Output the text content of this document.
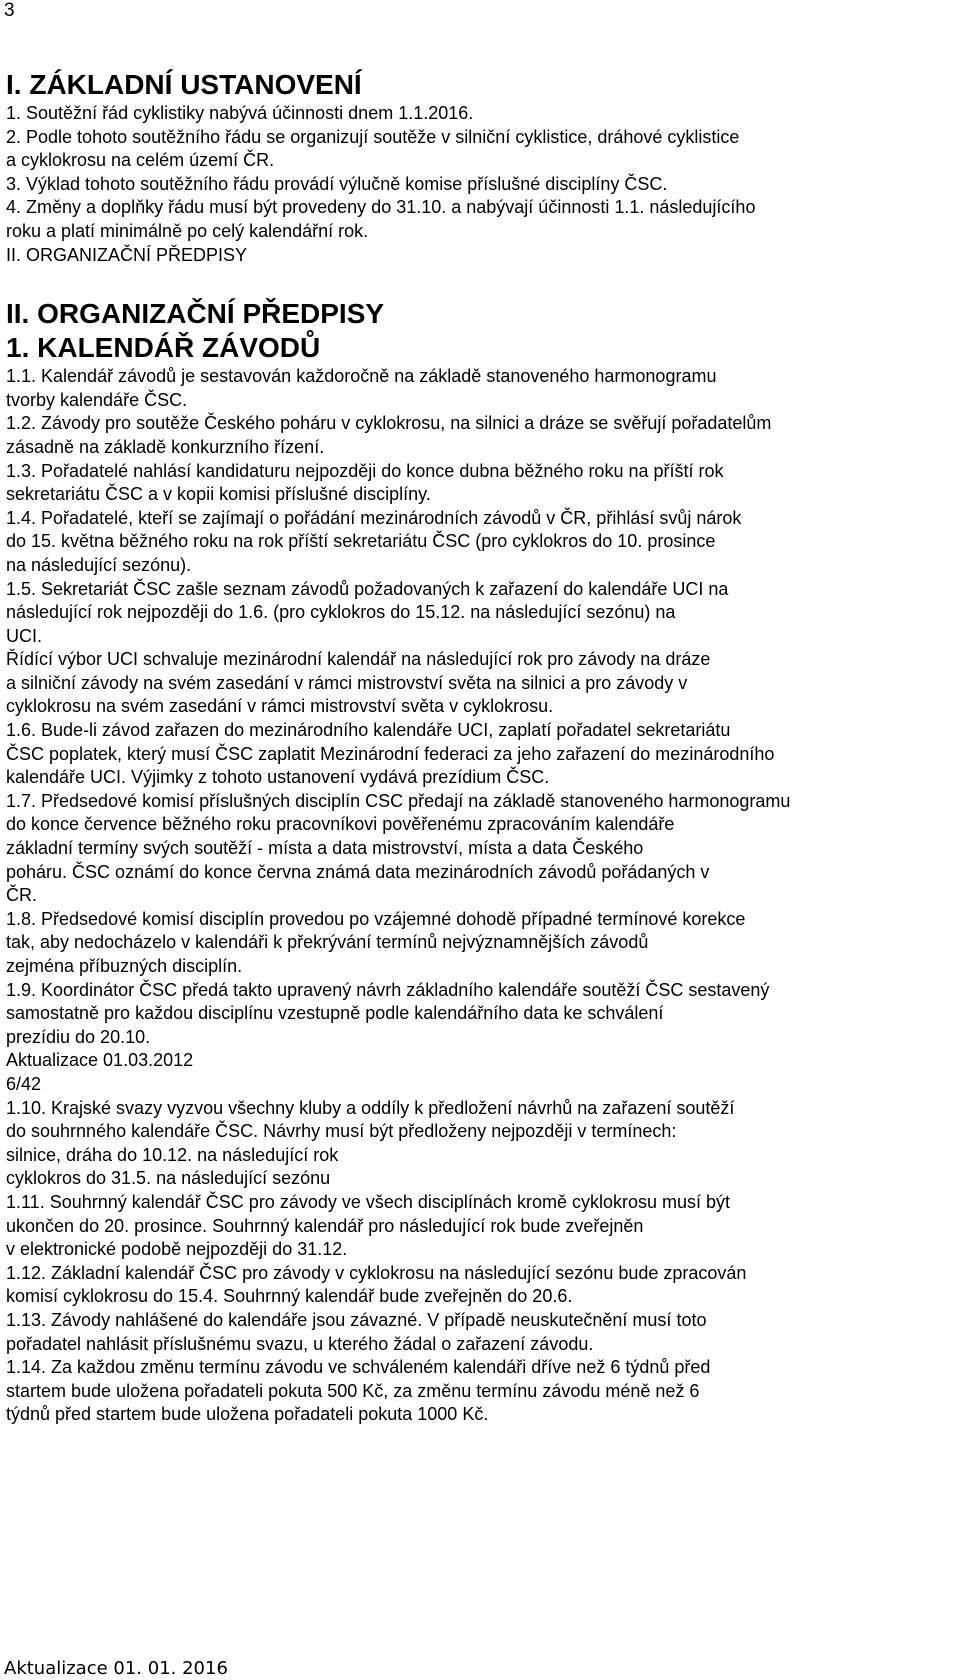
3
I. ZÁKLADNÍ USTANOVENÍ
1. Soutěžní řád cyklistiky nabývá účinnosti dnem 1.1.2016.
2. Podle tohoto soutěžního řádu se organizují soutěže v silniční cyklistice, dráhové cyklistice
a cyklokrosu na celém území ČR.
3. Výklad tohoto soutěžního řádu provádí výlučně komise příslušné disciplíny ČSC.
4. Změny a doplňky řádu musí být provedeny do 31.10. a nabývají účinnosti 1.1. následujícího
roku a platí minimálně po celý kalendářní rok.
II. ORGANIZAČNÍ PŘEDPISY
II. ORGANIZAČNÍ PŘEDPISY
1. KALENDÁŘ ZÁVODŮ
1.1. Kalendář závodů je sestavován každoročně na základě stanoveného harmonogramu
tvorby kalendáře ČSC.
1.2. Závody pro soutěže Českého poháru v cyklokrosu, na silnici a dráze se svěřují pořadatelům
zásadně na základě konkurzního řízení.
1.3. Pořadatelé nahlásí kandidaturu nejpozději do konce dubna běžného roku na příští rok
sekretariátu ČSC a v kopii komisi příslušné disciplíny.
1.4. Pořadatelé, kteří se zajímají o pořádání mezinárodních závodů v ČR, přihlásí svůj nárok
do 15. května běžného roku na rok příští sekretariátu ČSC (pro cyklokros do 10. prosince
na následující sezónu).
1.5. Sekretariát ČSC zašle seznam závodů požadovaných k zařazení do kalendáře UCI na
následující rok nejpozději do 1.6. (pro cyklokros do 15.12. na následující sezónu) na
UCI.
Řídící výbor UCI schvaluje mezinárodní kalendář na následující rok pro závody na dráze
a silniční závody na svém zasedání v rámci mistrovství světa na silnici a pro závody v
cyklokrosu na svém zasedání v rámci mistrovství světa v cyklokrosu.
1.6. Bude-li závod zařazen do mezinárodního kalendáře UCI, zaplatí pořadatel sekretariátu
ČSC poplatek, který musí ČSC zaplatit Mezinárodní federaci za jeho zařazení do mezinárodního
kalendáře UCI. Výjimky z tohoto ustanovení vydává prezídium ČSC.
1.7. Předsedové komisí příslušných disciplín CSC předají na základě stanoveného harmonogramu
do konce července běžného roku pracovníkovi pověřenému zpracováním kalendáře
základní termíny svých soutěží - místa a data mistrovství, místa a data Českého
poháru. ČSC oznámí do konce června známá data mezinárodních závodů pořádaných v
ČR.
1.8. Předsedové komisí disciplín provedou po vzájemné dohodě případné termínové korekce
tak, aby nedocházelo v kalendáři k překrývání termínů nejvýznamnějších závodů
zejména příbuzných disciplín.
1.9. Koordinátor ČSC předá takto upravený návrh základního kalendáře soutěží ČSC sestavený
samostatně pro každou disciplínu vzestupně podle kalendářního data ke schválení
prezídiu do 20.10.
Aktualizace 01.03.2012
6/42
1.10. Krajské svazy vyzvou všechny kluby a oddíly k předložení návrhů na zařazení soutěží
do souhrnného kalendáře ČSC. Návrhy musí být předloženy nejpozději v termínech:
silnice, dráha do 10.12. na následující rok
cyklokros do 31.5. na následující sezónu
1.11. Souhrnný kalendář ČSC pro závody ve všech disciplínách kromě cyklokrosu musí být
ukončen do 20. prosince. Souhrnný kalendář pro následující rok bude zveřejněn
v elektronické podobě nejpozději do 31.12.
1.12. Základní kalendář ČSC pro závody v cyklokrosu na následující sezónu bude zpracován
komisí cyklokrosu do 15.4. Souhrnný kalendář bude zveřejněn do 20.6.
1.13. Závody nahlášené do kalendáře jsou závazné. V případě neuskutečnění musí toto
pořadatel nahlásit příslušnému svazu, u kterého žádal o zařazení závodu.
1.14. Za každou změnu termínu závodu ve schváleném kalendáři dříve než 6 týdnů před
startem bude uložena pořadateli pokuta 500 Kč, za změnu termínu závodu méně než 6
týdnů před startem bude uložena pořadateli pokuta 1000 Kč.
Aktualizace 01. 01. 2016
